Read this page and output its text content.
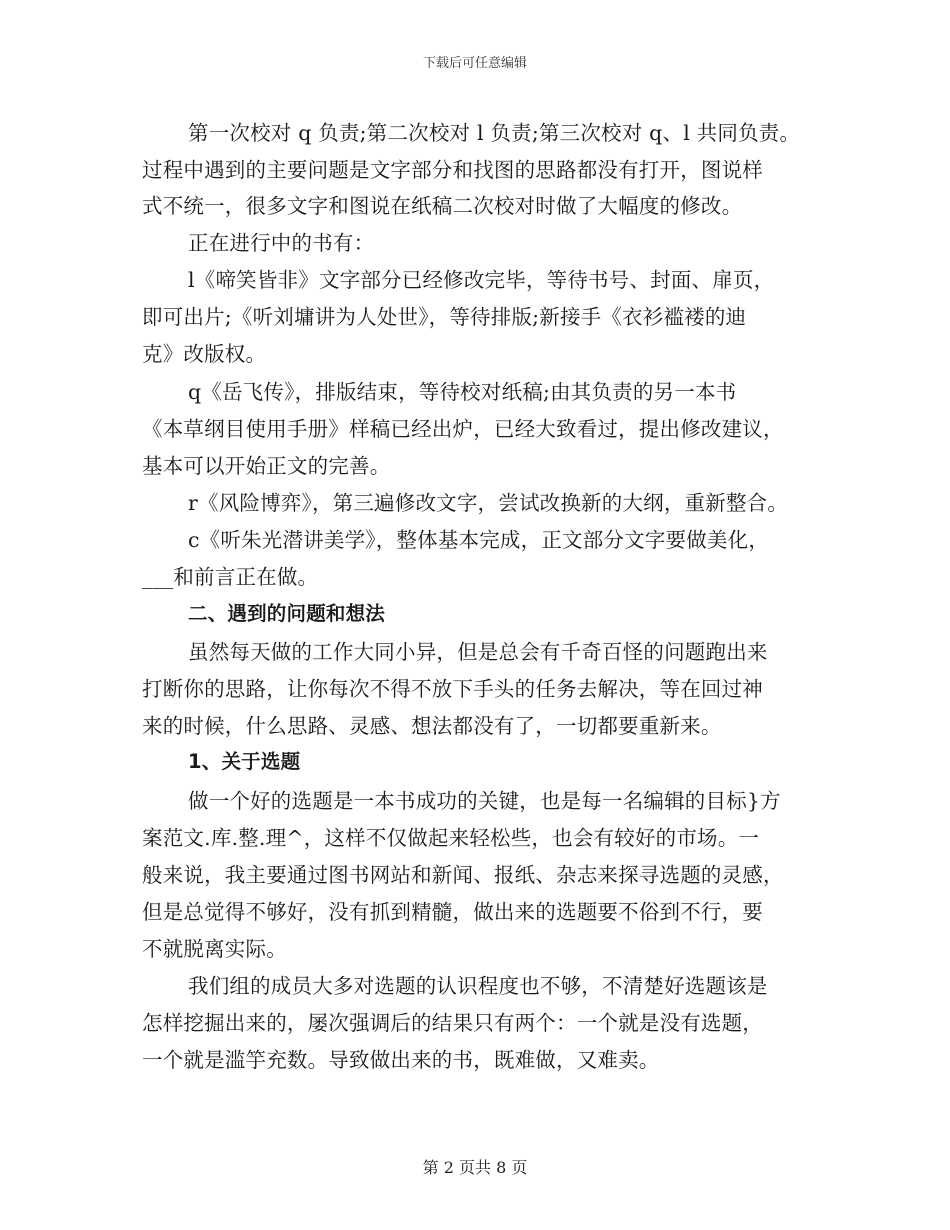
下载后可任意编辑
第一次校对 q 负责;第二次校对 l 负责;第三次校对 q、l 共同负责。
过程中遇到的主要问题是文字部分和找图的思路都没有打开，图说样
式不统一，很多文字和图说在纸稿二次校对时做了大幅度的修改。
正在进行中的书有：
l《啼笑皆非》文字部分已经修改完毕，等待书号、封面、扉页，
即可出片;《听刘墉讲为人处世》，等待排版;新接手《衣衫褴褛的迪
克》改版权。
q《岳飞传》，排版结束，等待校对纸稿;由其负责的另一本书
《本草纲目使用手册》样稿已经出炉，已经大致看过，提出修改建议，
基本可以开始正文的完善。
r《风险博弈》，第三遍修改文字，尝试改换新的大纲，重新整合。
c《听朱光潜讲美学》，整体基本完成，正文部分文字要做美化，
___和前言正在做。
二、遇到的问题和想法
虽然每天做的工作大同小异，但是总会有千奇百怪的问题跑出来
打断你的思路，让你每次不得不放下手头的任务去解决，等在回过神
来的时候，什么思路、灵感、想法都没有了，一切都要重新来。
1、关于选题
做一个好的选题是一本书成功的关键，也是每一名编辑的目标}方
案范文.库.整.理^，这样不仅做起来轻松些，也会有较好的市场。一
般来说，我主要通过图书网站和新闻、报纸、杂志来探寻选题的灵感，
但是总觉得不够好，没有抓到精髓，做出来的选题要不俗到不行，要
不就脱离实际。
我们组的成员大多对选题的认识程度也不够，不清楚好选题该是
怎样挖掘出来的，屡次强调后的结果只有两个：一个就是没有选题，
一个就是滥竽充数。导致做出来的书，既难做，又难卖。
第 2 页共 8 页
